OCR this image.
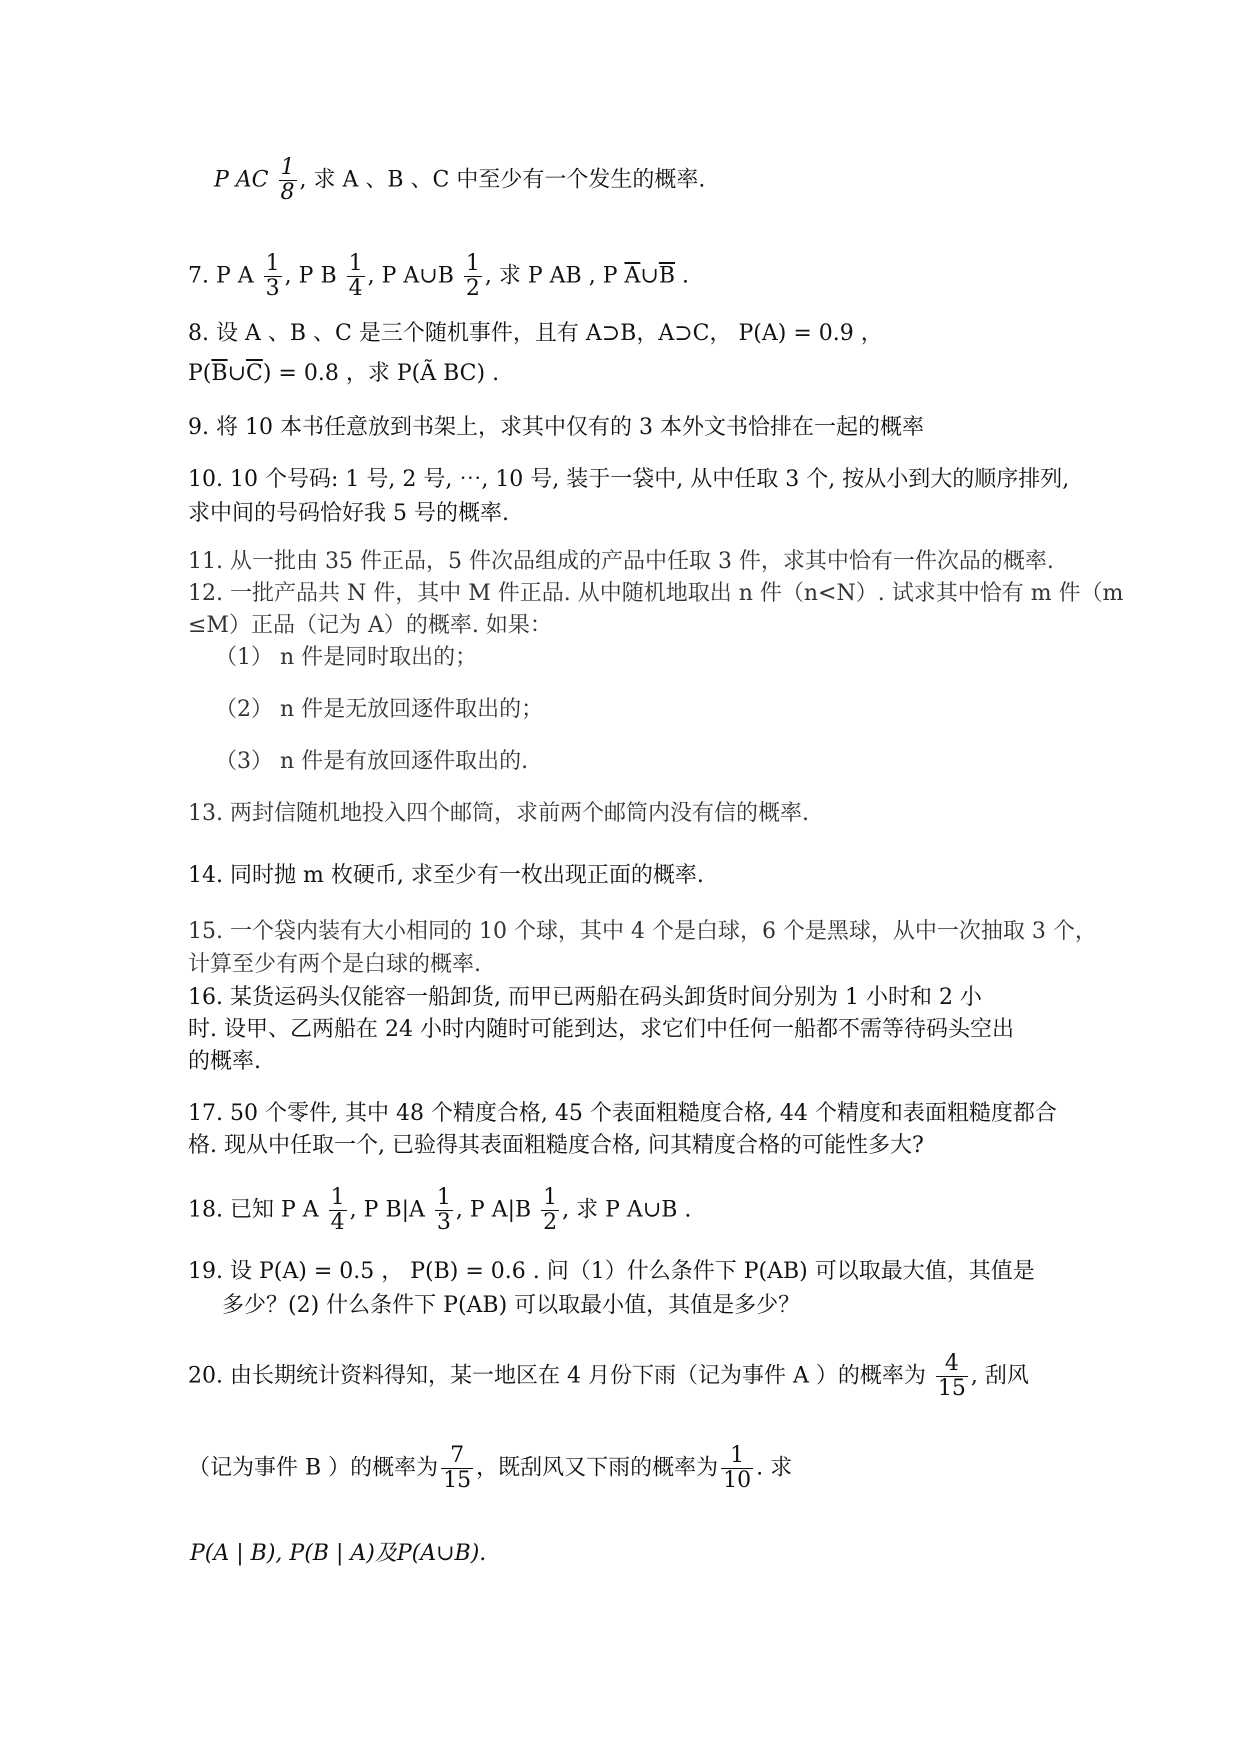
P AC $\frac{1}{8}$ , 求 A 、B 、C 中至少有一个发生的概率.
7. P A $\frac{1}{3}$ , P B $\frac{1}{4}$ , P A∪B $\frac{1}{2}$ , 求 P AB , P $\overline{A}\cup\overline{B}$ .
8. 设 A 、B 、C 是三个随机事件，且有 A⊃B，A⊃C， P(A) = 0.9 ，
$P(\overline{B}\cup\overline{C}) = 0.8$ ，求 P(Ã BC) .
9. 将 10 本书任意放到书架上，求其中仅有的 3 本外文书恰排在一起的概率
10. 10 个号码: 1 号, 2 号, ⋯, 10 号, 装于一袋中, 从中任取 3 个, 按从小到大的顺序排列,
求中间的号码恰好我 5 号的概率.
11. 从一批由 35 件正品，5 件次品组成的产品中任取 3 件，求其中恰有一件次品的概率.
12. 一批产品共 N 件，其中 M 件正品. 从中随机地取出 n 件（n<N）. 试求其中恰有 m 件（m
≤M）正品（记为 A）的概率. 如果：
（1） n 件是同时取出的；
（2） n 件是无放回逐件取出的；
（3） n 件是有放回逐件取出的.
13. 两封信随机地投入四个邮筒，求前两个邮筒内没有信的概率.
14. 同时抛 m 枚硬币, 求至少有一枚出现正面的概率.
15. 一个袋内装有大小相同的 10 个球，其中 4 个是白球，6 个是黑球，从中一次抽取 3 个，
计算至少有两个是白球的概率.
16. 某货运码头仅能容一船卸货, 而甲已两船在码头卸货时间分别为 1 小时和 2 小
时. 设甲、乙两船在 24 小时内随时可能到达，求它们中任何一船都不需等待码头空出
的概率.
17. 50 个零件, 其中 48 个精度合格, 45 个表面粗糙度合格, 44 个精度和表面粗糙度都合
格. 现从中任取一个, 已验得其表面粗糙度合格, 问其精度合格的可能性多大?
18. 已知 P A $\frac{1}{4}$ , P $B|A \frac{1}{3}$ , P $A|B \frac{1}{2}$ , 求 P A∪B .
19. 设 P(A) = 0.5 ， P(B) = 0.6 . 问（1）什么条件下 P(AB) 可以取最大值，其值是
多少？(2) 什么条件下 P(AB) 可以取最小值，其值是多少？
20. 由长期统计资料得知，某一地区在 4 月份下雨（记为事件 A ）的概率为 $\frac{4}{15}$ , 刮风
（记为事件 B ）的概率为 $\frac{7}{15}$ ，既刮风又下雨的概率为 $\frac{1}{10}$ . 求
P(A | B), P(B | A)及P(A∪B).
